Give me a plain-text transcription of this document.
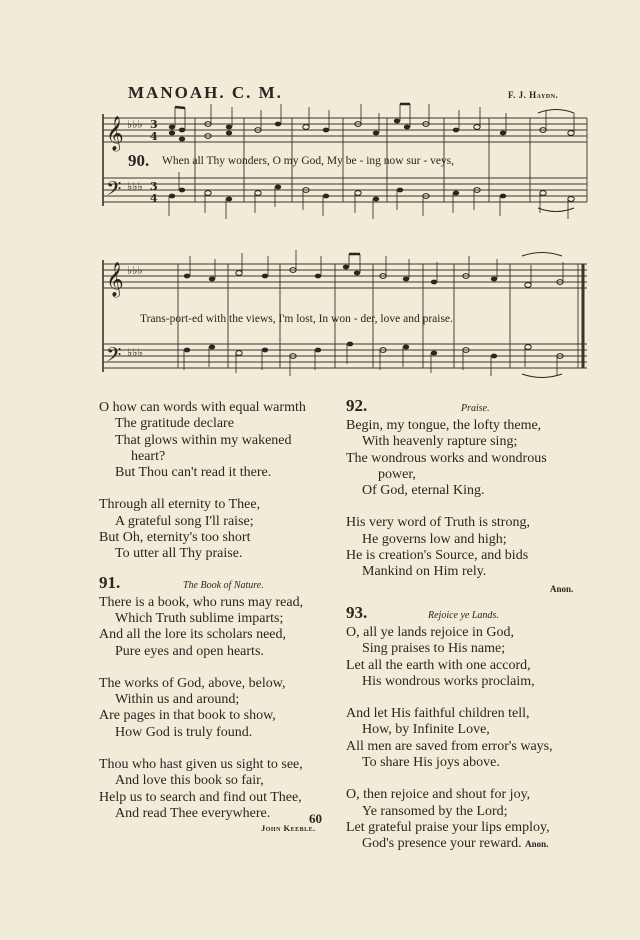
MANOAH. C. M.	F. J. Haydn.
𝄞
𝄢
𝄞
𝄢
♭♭♭
♭♭♭
♭♭♭
♭♭♭
3
4
3
4
90. When all Thy wonders, O my God, My be - ing now sur - veys,
Trans-port-ed with the views, I'm lost, In won - der, love and praise.

O how can words with equal warmth

The gratitude declare

That glows within my wakened

heart?

But Thou can't read it there.

Through all eternity to Thee,

A grateful song I'll raise;

But Oh, eternity's too short

To utter all Thy praise.

91.	The Book of Nature.

There is a book, who runs may read,

Which Truth sublime imparts;

And all the lore its scholars need,

Pure eyes and open hearts.

The works of God, above, below,

Within us and around;

Are pages in that book to show,

How God is truly found.

Thou who hast given us sight to see,

And love this book so fair,

Help us to search and find out Thee,

And read Thee everywhere.

John Keeble.
92.	Praise.

Begin, my tongue, the lofty theme,

With heavenly rapture sing;

The wondrous works and wondrous

power,

Of God, eternal King.

His very word of Truth is strong,

He governs low and high;

He is creation's Source, and bids

Mankind on Him rely.

Anon.
93.	Rejoice ye Lands.

O, all ye lands rejoice in God,

Sing praises to His name;

Let all the earth with one accord,

His wondrous works proclaim,

And let His faithful children tell,

How, by Infinite Love,

All men are saved from error's ways,

To share His joys above.

O, then rejoice and shout for joy,

Ye ransomed by the Lord;

Let grateful praise your lips employ,

God's presence your reward. Anon.

60
